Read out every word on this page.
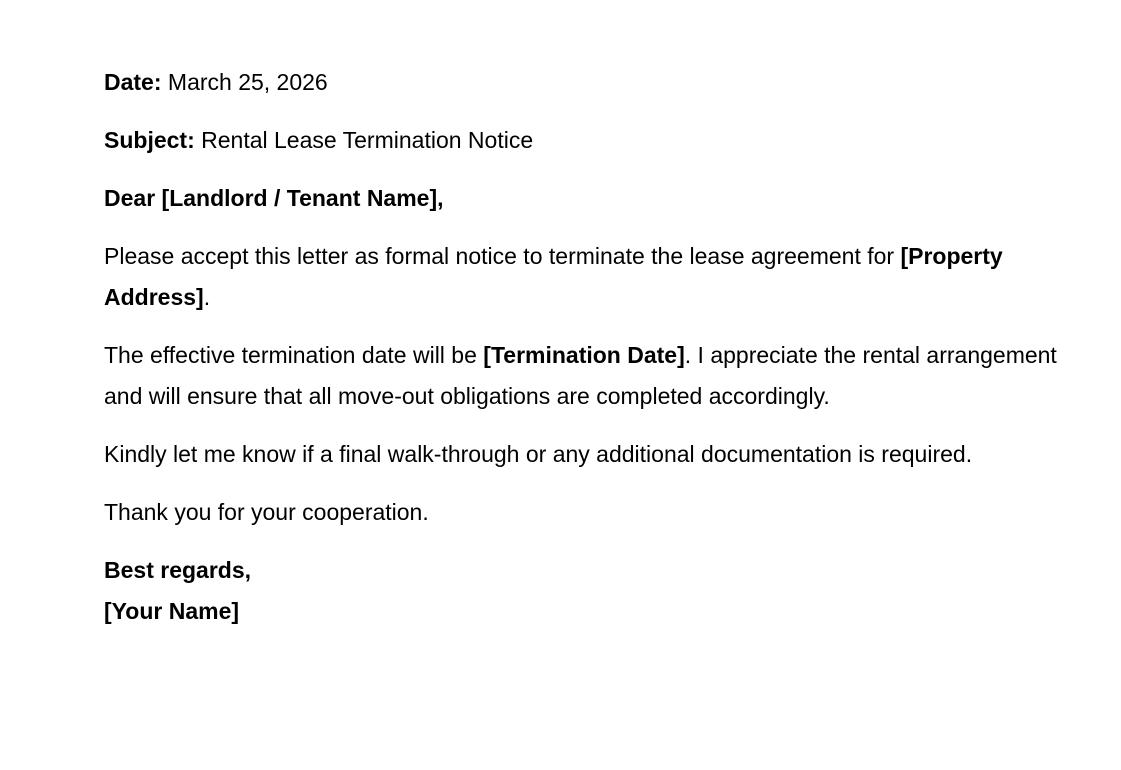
Date: March 25, 2026

Subject: Rental Lease Termination Notice

Dear [Landlord / Tenant Name],

Please accept this letter as formal notice to terminate the lease agreement for [Property Address].

The effective termination date will be [Termination Date]. I appreciate the rental arrangement and will ensure that all move-out obligations are completed accordingly.

Kindly let me know if a final walk-through or any additional documentation is required.

Thank you for your cooperation.

Best regards,

[Your Name]
